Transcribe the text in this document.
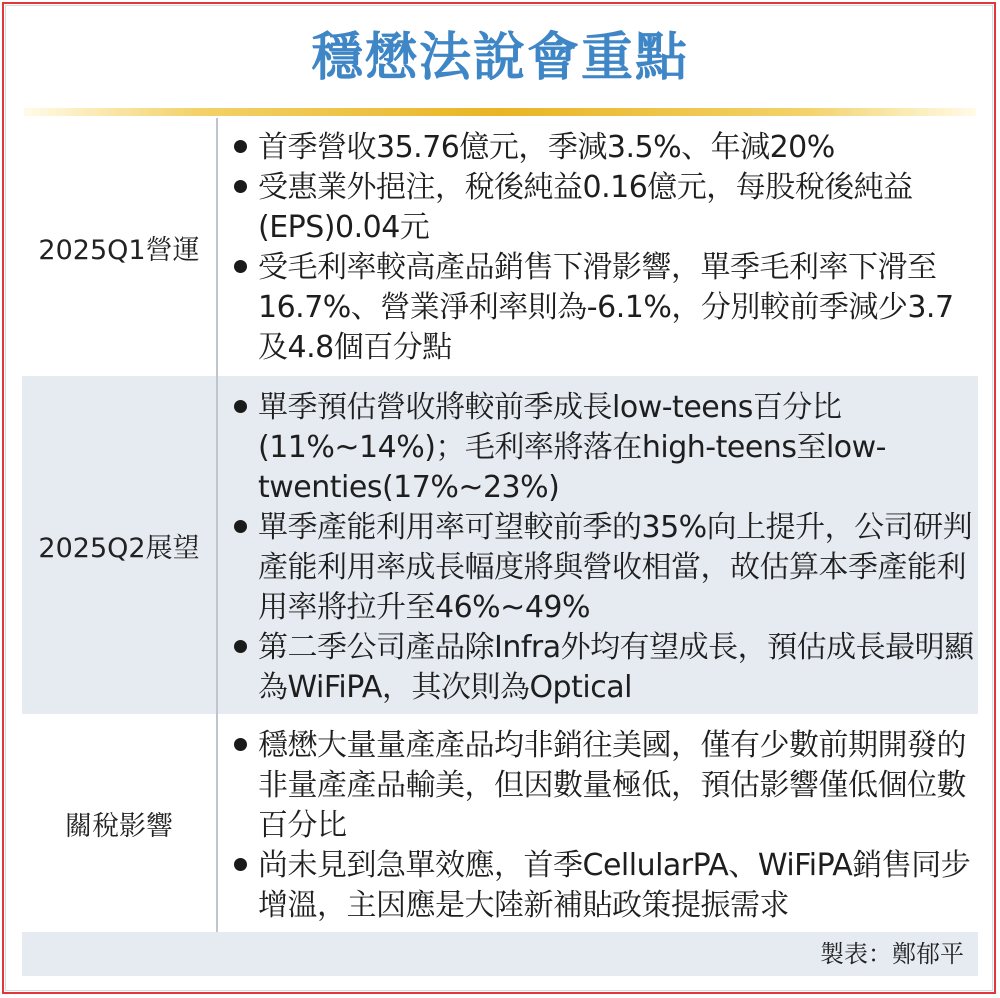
穩懋法說會重點
2025Q1營運

首季營收35.76億元，季減3.5%、年減20%

受惠業外挹注，稅後純益0.16億元，每股稅後純益(EPS)0.04元

受毛利率較高產品銷售下滑影響，單季毛利率下滑至16.7%、營業淨利率則為-6.1%，分別較前季減少3.7及4.8個百分點

2025Q2展望

單季預估營收將較前季成長low-teens百分比(11%~14%)；毛利率將落在high-teens至low-twenties(17%~23%)

單季產能利用率可望較前季的35%向上提升，公司研判產能利用率成長幅度將與營收相當，故估算本季產能利用率將拉升至46%~49%

第二季公司產品除Infra外均有望成長，預估成長最明顯為WiFiPA，其次則為Optical

關稅影響

穩懋大量量產產品均非銷往美國，僅有少數前期開發的非量產產品輸美，但因數量極低，預估影響僅低個位數百分比

尚未見到急單效應，首季CellularPA、WiFiPA銷售同步增溫，主因應是大陸新補貼政策提振需求

製表：鄭郁平
